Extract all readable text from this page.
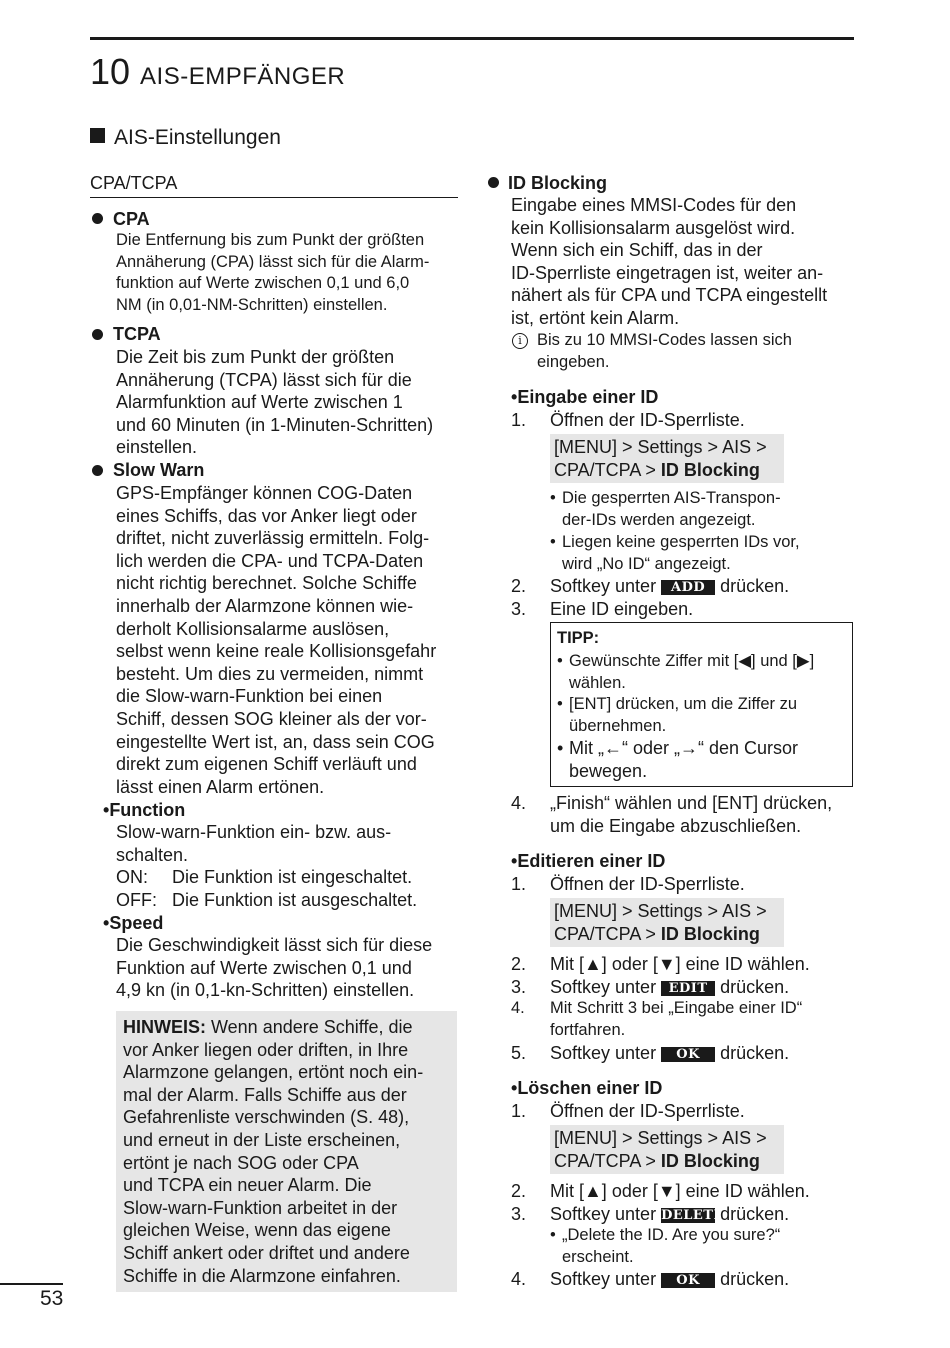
10 AIS-EMPFÄNGER
AIS-Einstellungen
CPA/TCPA
CPA
Die Entfernung bis zum Punkt der größten
Annäherung (CPA) lässt sich für die Alarm-
funktion auf Werte zwischen 0,1 und 6,0
NM (in 0,01-NM-Schritten) einstellen.
TCPA
Die Zeit bis zum Punkt der größten
Annäherung (TCPA) lässt sich für die
Alarmfunktion auf Werte zwischen 1
und 60 Minuten (in 1-Minuten-Schritten)
einstellen.
Slow Warn
GPS-Empfänger können COG-Daten
eines Schiffs, das vor Anker liegt oder
driftet, nicht zuverlässig ermitteln. Folg-
lich werden die CPA- und TCPA-Daten
nicht richtig berechnet. Solche Schiffe
innerhalb der Alarmzone können wie-
derholt Kollisionsalarme auslösen,
selbst wenn keine reale Kollisionsgefahr
besteht. Um dies zu vermeiden, nimmt
die Slow-warn-Funktion bei einen
Schiff, dessen SOG kleiner als der vor-
eingestellte Wert ist, an, dass sein COG
direkt zum eigenen Schiff verläuft und
lässt einen Alarm ertönen.
•Function
Slow-warn-Funktion ein- bzw. aus-
schalten.
ON: Die Funktion ist eingeschaltet.
OFF: Die Funktion ist ausgeschaltet.
•Speed
Die Geschwindigkeit lässt sich für diese
Funktion auf Werte zwischen 0,1 und
4,9 kn (in 0,1-kn-Schritten) einstellen.
HINWEIS: Wenn andere Schiffe, die
vor Anker liegen oder driften, in Ihre
Alarmzone gelangen, ertönt noch ein-
mal der Alarm. Falls Schiffe aus der
Gefahrenliste verschwinden (S. 48),
und erneut in der Liste erscheinen,
ertönt je nach SOG oder CPA
und TCPA ein neuer Alarm. Die
Slow-warn-Funktion arbeitet in der
gleichen Weise, wenn das eigene
Schiff ankert oder driftet und andere
Schiffe in die Alarmzone einfahren.
53
ID Blocking
Eingabe eines MMSI-Codes für den
kein Kollisionsalarm ausgelöst wird.
Wenn sich ein Schiff, das in der
ID-Sperrliste eingetragen ist, weiter an-
nähert als für CPA und TCPA eingestellt
ist, ertönt kein Alarm.
i Bis zu 10 MMSI-Codes lassen sich
eingeben.
•Eingabe einer ID
1. Öffnen der ID-Sperrliste.
[MENU] > Settings > AIS >
CPA/TCPA > ID Blocking
• Die gesperrten AIS-Transpon-
der-IDs werden angezeigt.
• Liegen keine gesperrten IDs vor,
wird „No ID“ angezeigt.
2. Softkey unter ADD drücken.
3. Eine ID eingeben.
TIPP:
• Gewünschte Ziffer mit [◀] und [▶]
wählen.
• [ENT] drücken, um die Ziffer zu
übernehmen.
• Mit „←“ oder „→“ den Cursor
bewegen.
4. „Finish“ wählen und [ENT] drücken,
um die Eingabe abzuschließen.
•Editieren einer ID
1. Öffnen der ID-Sperrliste.
[MENU] > Settings > AIS >
CPA/TCPA > ID Blocking
2. Mit [▲] oder [▼] eine ID wählen.
3. Softkey unter EDIT drücken.
4. Mit Schritt 3 bei „Eingabe einer ID“
fortfahren.
5. Softkey unter OK drücken.
•Löschen einer ID
1. Öffnen der ID-Sperrliste.
[MENU] > Settings > AIS >
CPA/TCPA > ID Blocking
2. Mit [▲] oder [▼] eine ID wählen.
3. Softkey unter DELETE drücken.
• „Delete the ID. Are you sure?“
erscheint.
4. Softkey unter OK drücken.
